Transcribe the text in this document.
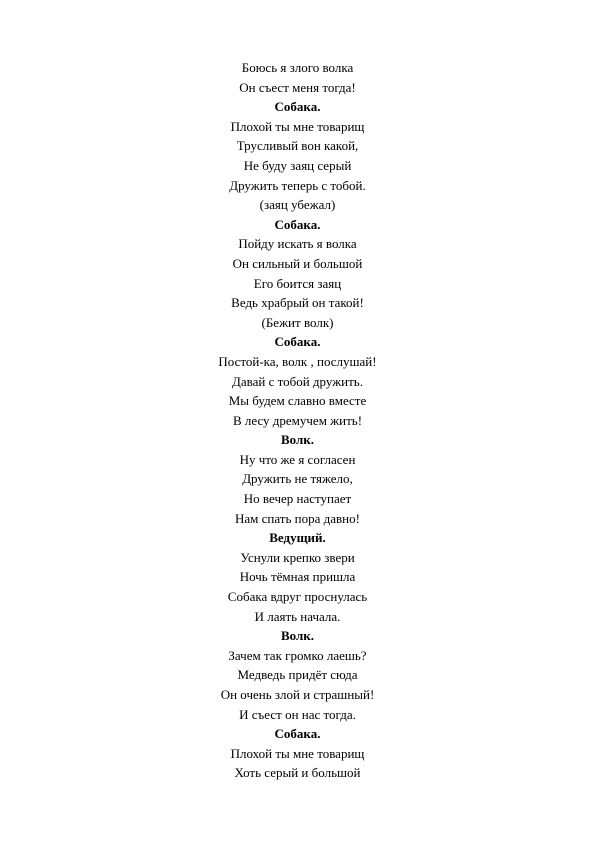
Боюсь я злого волка
Он съест меня тогда!
Собака.
Плохой ты мне товарищ
Трусливый вон какой,
Не буду заяц серый
Дружить теперь с тобой.
(заяц убежал)
Собака.
Пойду искать я волка
Он сильный и большой
Его боится заяц
Ведь храбрый он такой!
(Бежит волк)
Собака.
Постой-ка, волк , послушай!
Давай с тобой дружить.
Мы будем славно вместе
В лесу дремучем жить!
Волк.
Ну что же я согласен
Дружить не тяжело,
Но вечер наступает
Нам спать пора давно!
Ведущий.
Уснули крепко звери
Ночь тёмная пришла
Собака вдруг проснулась
И лаять начала.
Волк.
Зачем так громко лаешь?
Медведь придёт сюда
Он очень злой и страшный!
И съест он нас тогда.
Собака.
Плохой ты мне товарищ
Хоть серый и большой
